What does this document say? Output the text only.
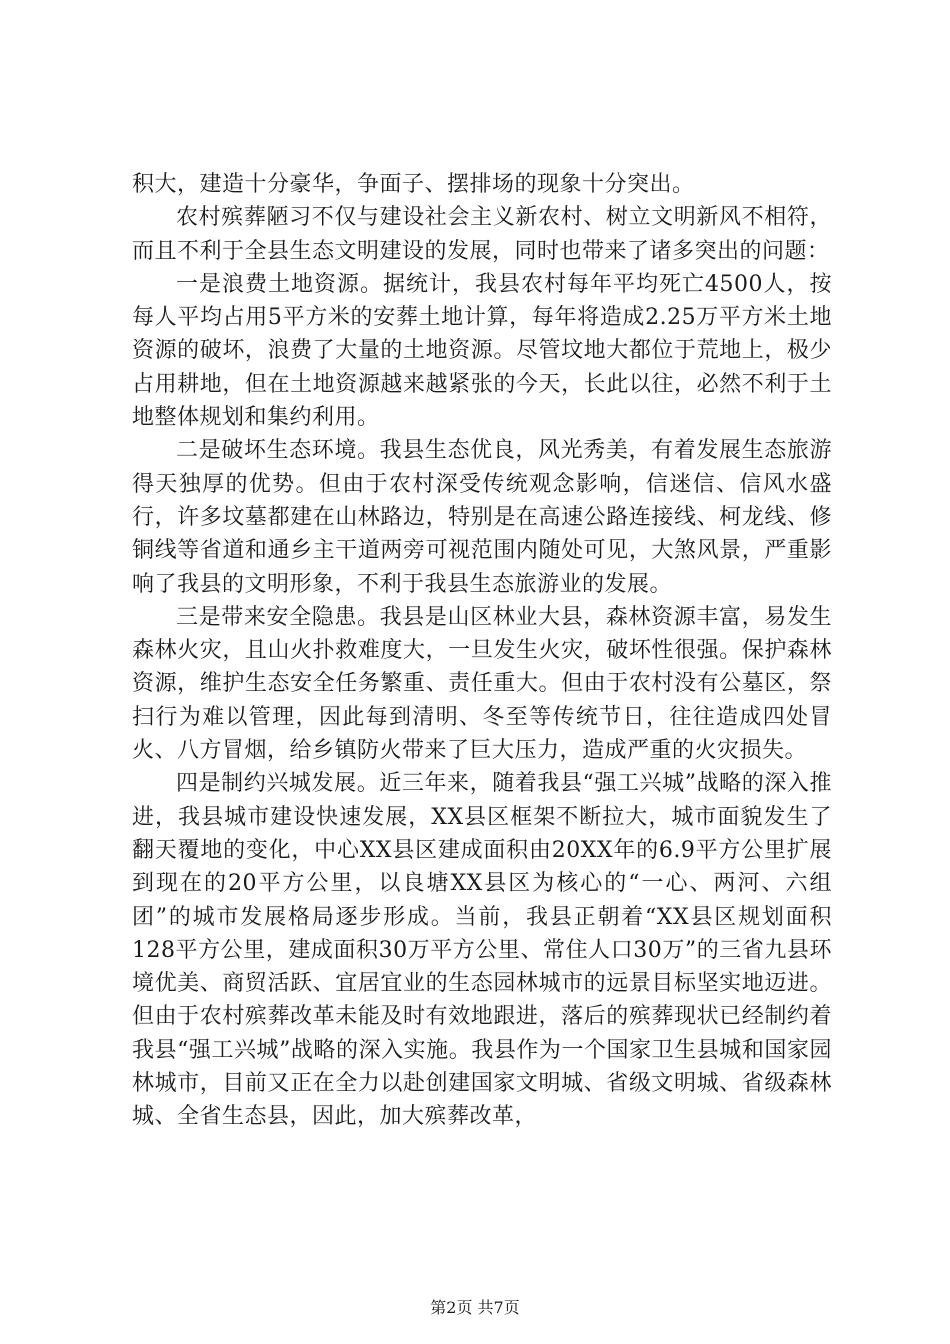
积大，建造十分豪华，争面子、摆排场的现象十分突出。

农村殡葬陋习不仅与建设社会主义新农村、树立文明新风不相符，而且不利于全县生态文明建设的发展，同时也带来了诸多突出的问题：

一是浪费土地资源。据统计，我县农村每年平均死亡4500人，按每人平均占用5平方米的安葬土地计算，每年将造成2.25万平方米土地资源的破坏，浪费了大量的土地资源。尽管坟地大都位于荒地上，极少占用耕地，但在土地资源越来越紧张的今天，长此以往，必然不利于土地整体规划和集约利用。

二是破坏生态环境。我县生态优良，风光秀美，有着发展生态旅游得天独厚的优势。但由于农村深受传统观念影响，信迷信、信风水盛行，许多坟墓都建在山林路边，特别是在高速公路连接线、柯龙线、修铜线等省道和通乡主干道两旁可视范围内随处可见，大煞风景，严重影响了我县的文明形象，不利于我县生态旅游业的发展。

三是带来安全隐患。我县是山区林业大县，森林资源丰富，易发生森林火灾，且山火扑救难度大，一旦发生火灾，破坏性很强。保护森林资源，维护生态安全任务繁重、责任重大。但由于农村没有公墓区，祭扫行为难以管理，因此每到清明、冬至等传统节日，往往造成四处冒火、八方冒烟，给乡镇防火带来了巨大压力，造成严重的火灾损失。

四是制约兴城发展。近三年来，随着我县“强工兴城”战略的深入推进，我县城市建设快速发展，XX县区框架不断拉大，城市面貌发生了翻天覆地的变化，中心XX县区建成面积由20XX年的6.9平方公里扩展到现在的20平方公里，以良塘XX县区为核心的“一心、两河、六组团”的城市发展格局逐步形成。当前，我县正朝着“XX县区规划面积128平方公里，建成面积30万平方公里、常住人口30万”的三省九县环境优美、商贸活跃、宜居宜业的生态园林城市的远景目标坚实地迈进。但由于农村殡葬改革未能及时有效地跟进，落后的殡葬现状已经制约着我县“强工兴城”战略的深入实施。我县作为一个国家卫生县城和国家园林城市，目前又正在全力以赴创建国家文明城、省级文明城、省级森林城、全省生态县，因此，加大殡葬改革，

第2页 共7页
